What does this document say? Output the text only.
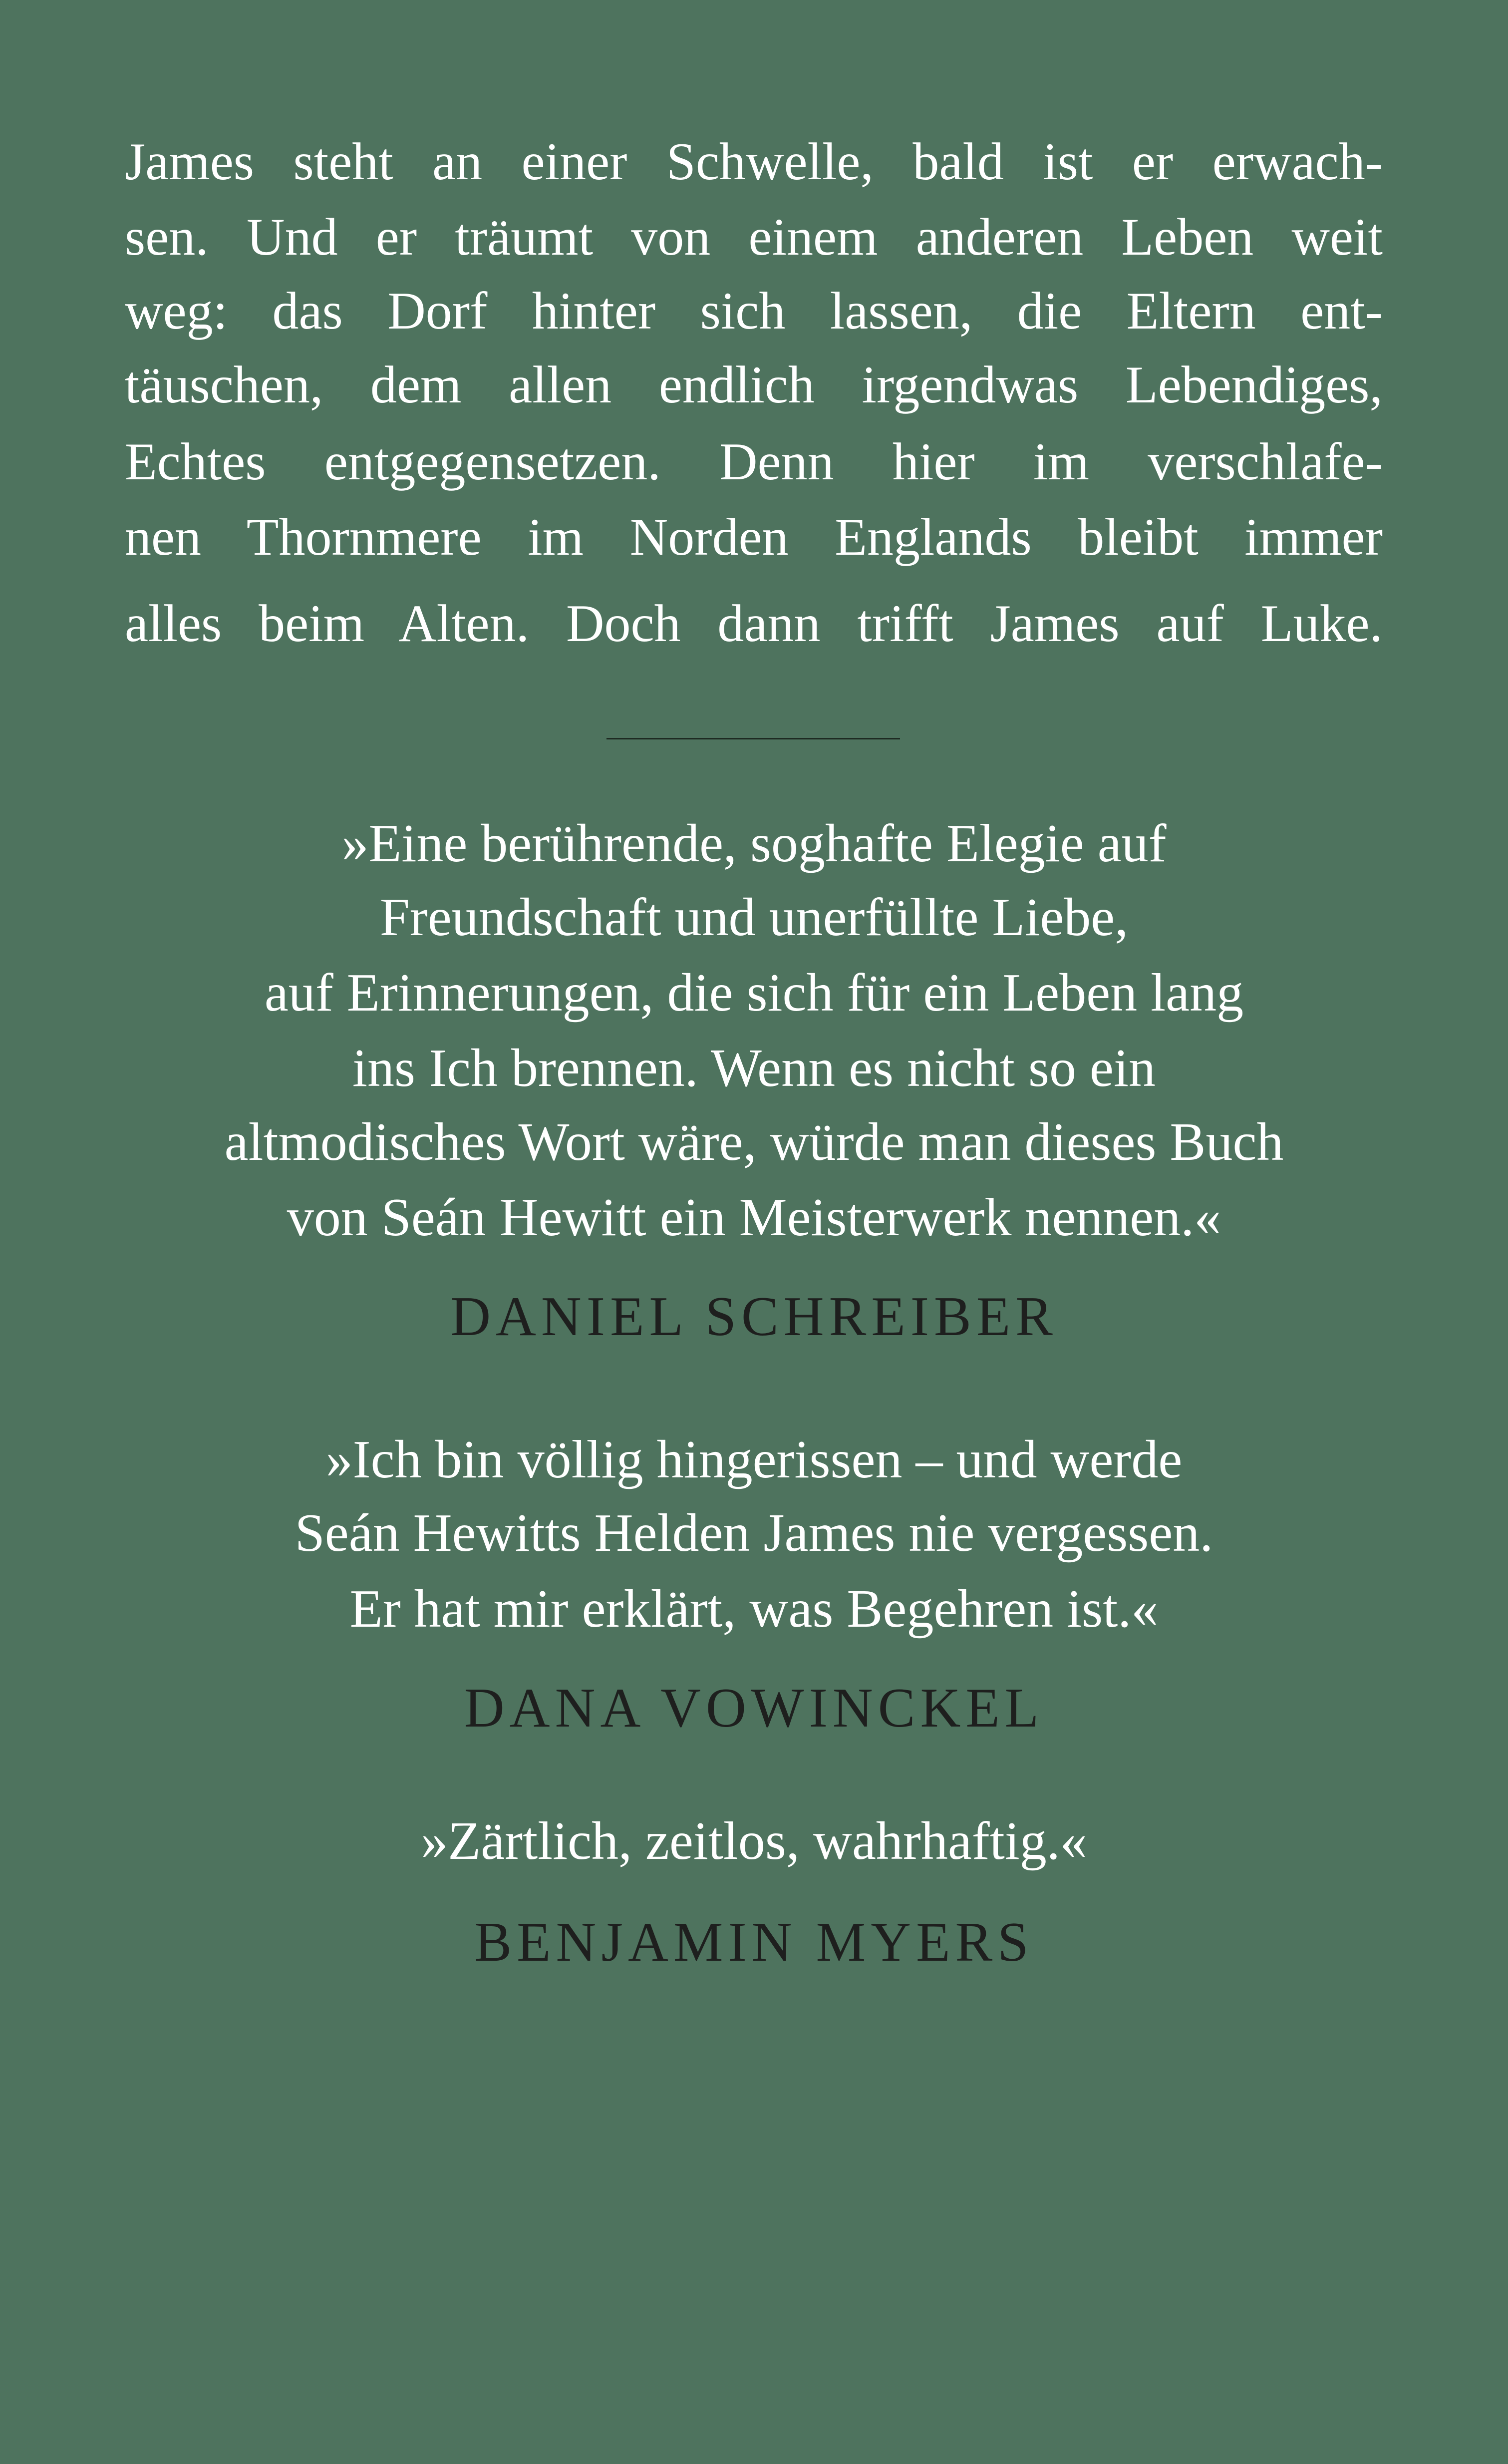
James steht an einer Schwelle, bald ist er erwach-
sen. Und er träumt von einem anderen Leben weit
weg: das Dorf hinter sich lassen, die Eltern ent-
täuschen, dem allen endlich irgendwas Lebendiges,
Echtes entgegensetzen. Denn hier im verschlafe-
nen Thornmere im Norden Englands bleibt immer
alles beim Alten. Doch dann trifft James auf Luke.
»Eine berührende, soghafte Elegie auf
Freundschaft und unerfüllte Liebe,
auf Erinnerungen, die sich für ein Leben lang
ins Ich brennen. Wenn es nicht so ein
altmodisches Wort wäre, würde man dieses Buch
von Seán Hewitt ein Meisterwerk nennen.«
DANIEL SCHREIBER
»Ich bin völlig hingerissen – und werde
Seán Hewitts Helden James nie vergessen.
Er hat mir erklärt, was Begehren ist.«
DANA VOWINCKEL
»Zärtlich, zeitlos, wahrhaftig.«
BENJAMIN MYERS
